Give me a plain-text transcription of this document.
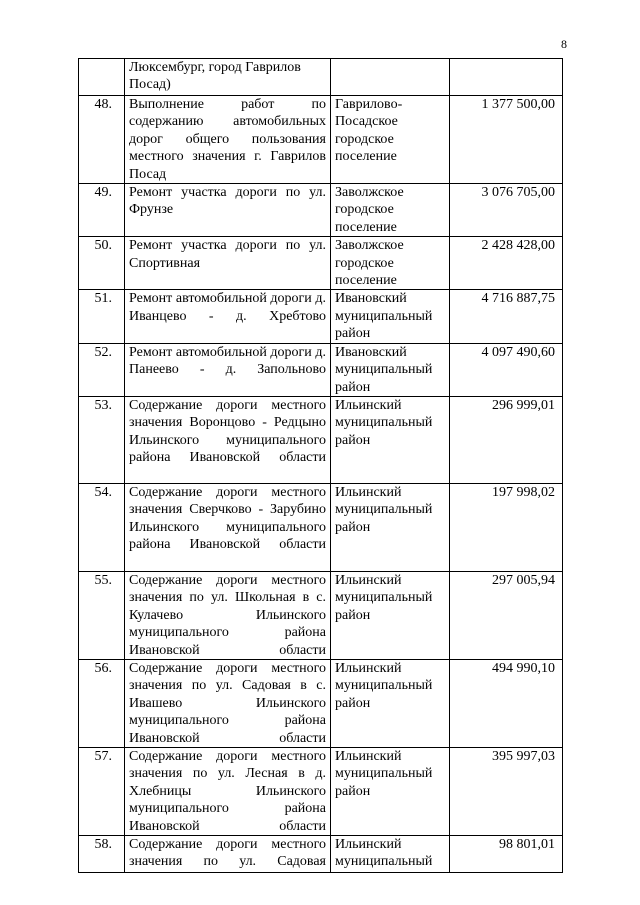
8
	Люксембург, город Гаврилов Посад)		
48.	Выполнение работ по содержанию автомобильных дорог общего пользования местного значения г. Гаврилов Посад	Гаврилово-Посадское городское поселение	1 377 500,00
49.	Ремонт участка дороги по ул. Фрунзе	Заволжское городское поселение	3 076 705,00
50.	Ремонт участка дороги по ул. Спортивная	Заволжское городское поселение	2 428 428,00
51.	Ремонт автомобильной дороги д. Иванцево - д. Хребтово	Ивановский муниципальный район	4 716 887,75
52.	Ремонт автомобильной дороги д. Панеево - д. Запольново	Ивановский муниципальный район	4 097 490,60
53.	Содержание дороги местного значения Воронцово - Редцыно Ильинского муниципального района Ивановской области	Ильинский муниципальный район	296 999,01
54.	Содержание дороги местного значения Сверчково - Зарубино Ильинского муниципального района Ивановской области	Ильинский муниципальный район	197 998,02
55.	Содержание дороги местного значения по ул. Школьная в с. Кулачево Ильинского муниципального района Ивановской области	Ильинский муниципальный район	297 005,94
56.	Содержание дороги местного значения по ул. Садовая в с. Ивашево Ильинского муниципального района Ивановской области	Ильинский муниципальный район	494 990,10
57.	Содержание дороги местного значения по ул. Лесная в д. Хлебницы Ильинского муниципального района Ивановской области	Ильинский муниципальный район	395 997,03
58.	Содержание дороги местного значения по ул. Садовая	Ильинский муниципальный	98 801,01
